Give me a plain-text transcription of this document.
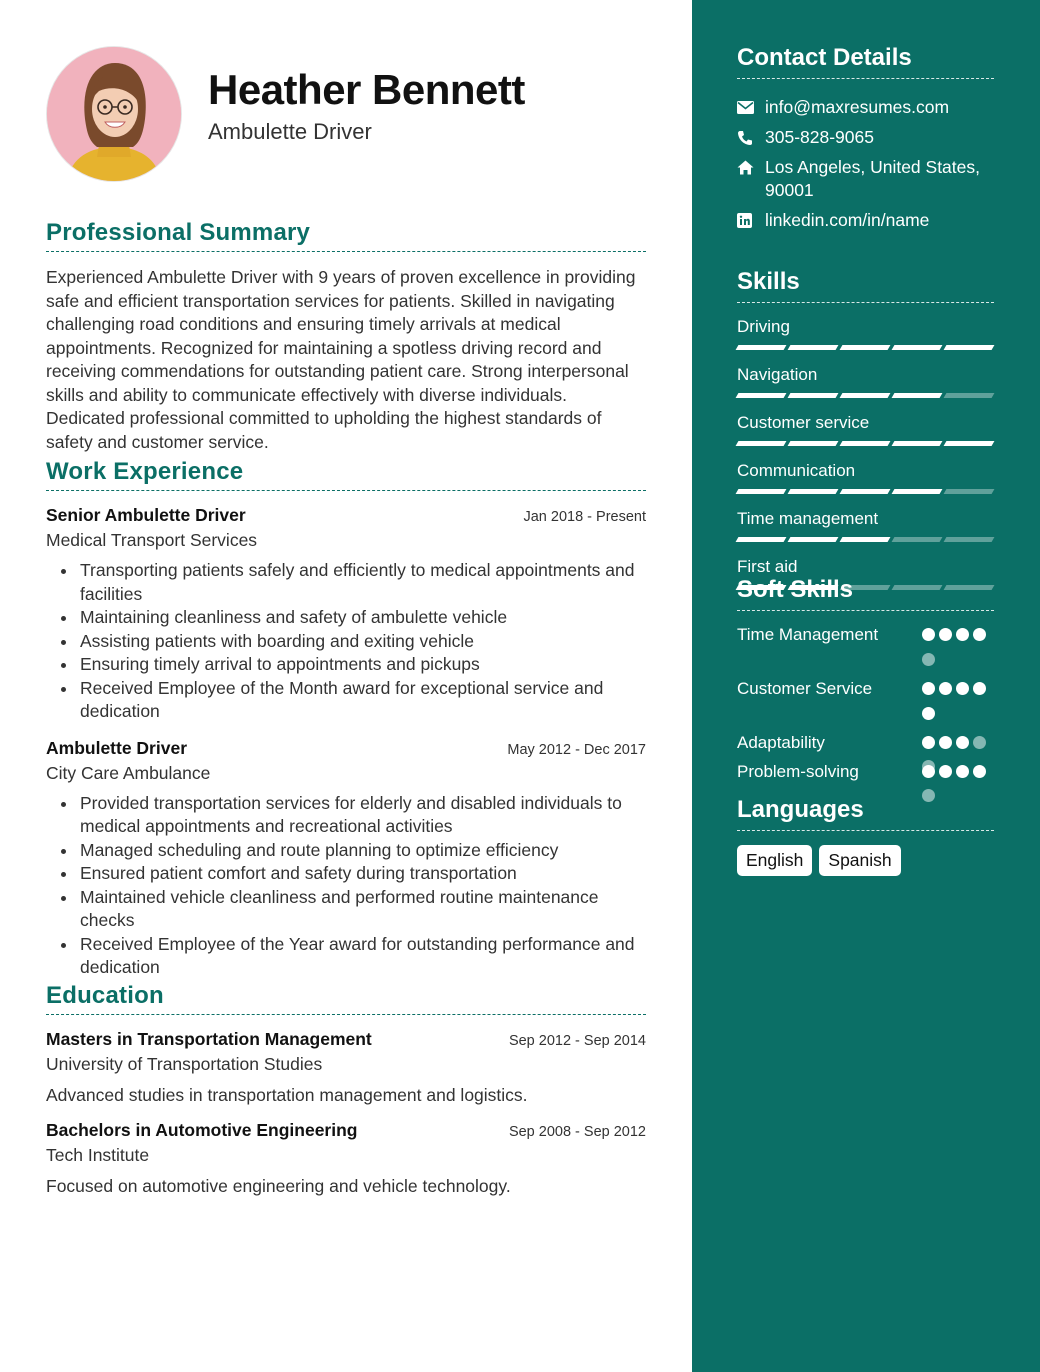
Heather Bennett
Ambulette Driver
Professional Summary
Experienced Ambulette Driver with 9 years of proven excellence in providing safe and efficient transportation services for patients. Skilled in navigating challenging road conditions and ensuring timely arrivals at medical appointments. Recognized for maintaining a spotless driving record and receiving commendations for outstanding patient care. Strong interpersonal skills and ability to communicate effectively with diverse individuals. Dedicated professional committed to upholding the highest standards of safety and customer service.
Work Experience
Senior Ambulette Driver	Jan 2018 - Present
Medical Transport Services
• Transporting patients safely and efficiently to medical appointments and facilities
• Maintaining cleanliness and safety of ambulette vehicle
• Assisting patients with boarding and exiting vehicle
• Ensuring timely arrival to appointments and pickups
• Received Employee of the Month award for exceptional service and dedication
Ambulette Driver	May 2012 - Dec 2017
City Care Ambulance
• Provided transportation services for elderly and disabled individuals to medical appointments and recreational activities
• Managed scheduling and route planning to optimize efficiency
• Ensured patient comfort and safety during transportation
• Maintained vehicle cleanliness and performed routine maintenance checks
• Received Employee of the Year award for outstanding performance and dedication
Education
Masters in Transportation Management	Sep 2012 - Sep 2014
University of Transportation Studies
Advanced studies in transportation management and logistics.
Bachelors in Automotive Engineering	Sep 2008 - Sep 2012
Tech Institute
Focused on automotive engineering and vehicle technology.
Contact Details
info@maxresumes.com
305-828-9065
Los Angeles, United States, 90001
linkedin.com/in/name
Skills
Driving
Navigation
Customer service
Communication
Time management
First aid
Soft Skills
Time Management
Customer Service
Adaptability
Problem-solving
Languages
English	Spanish
